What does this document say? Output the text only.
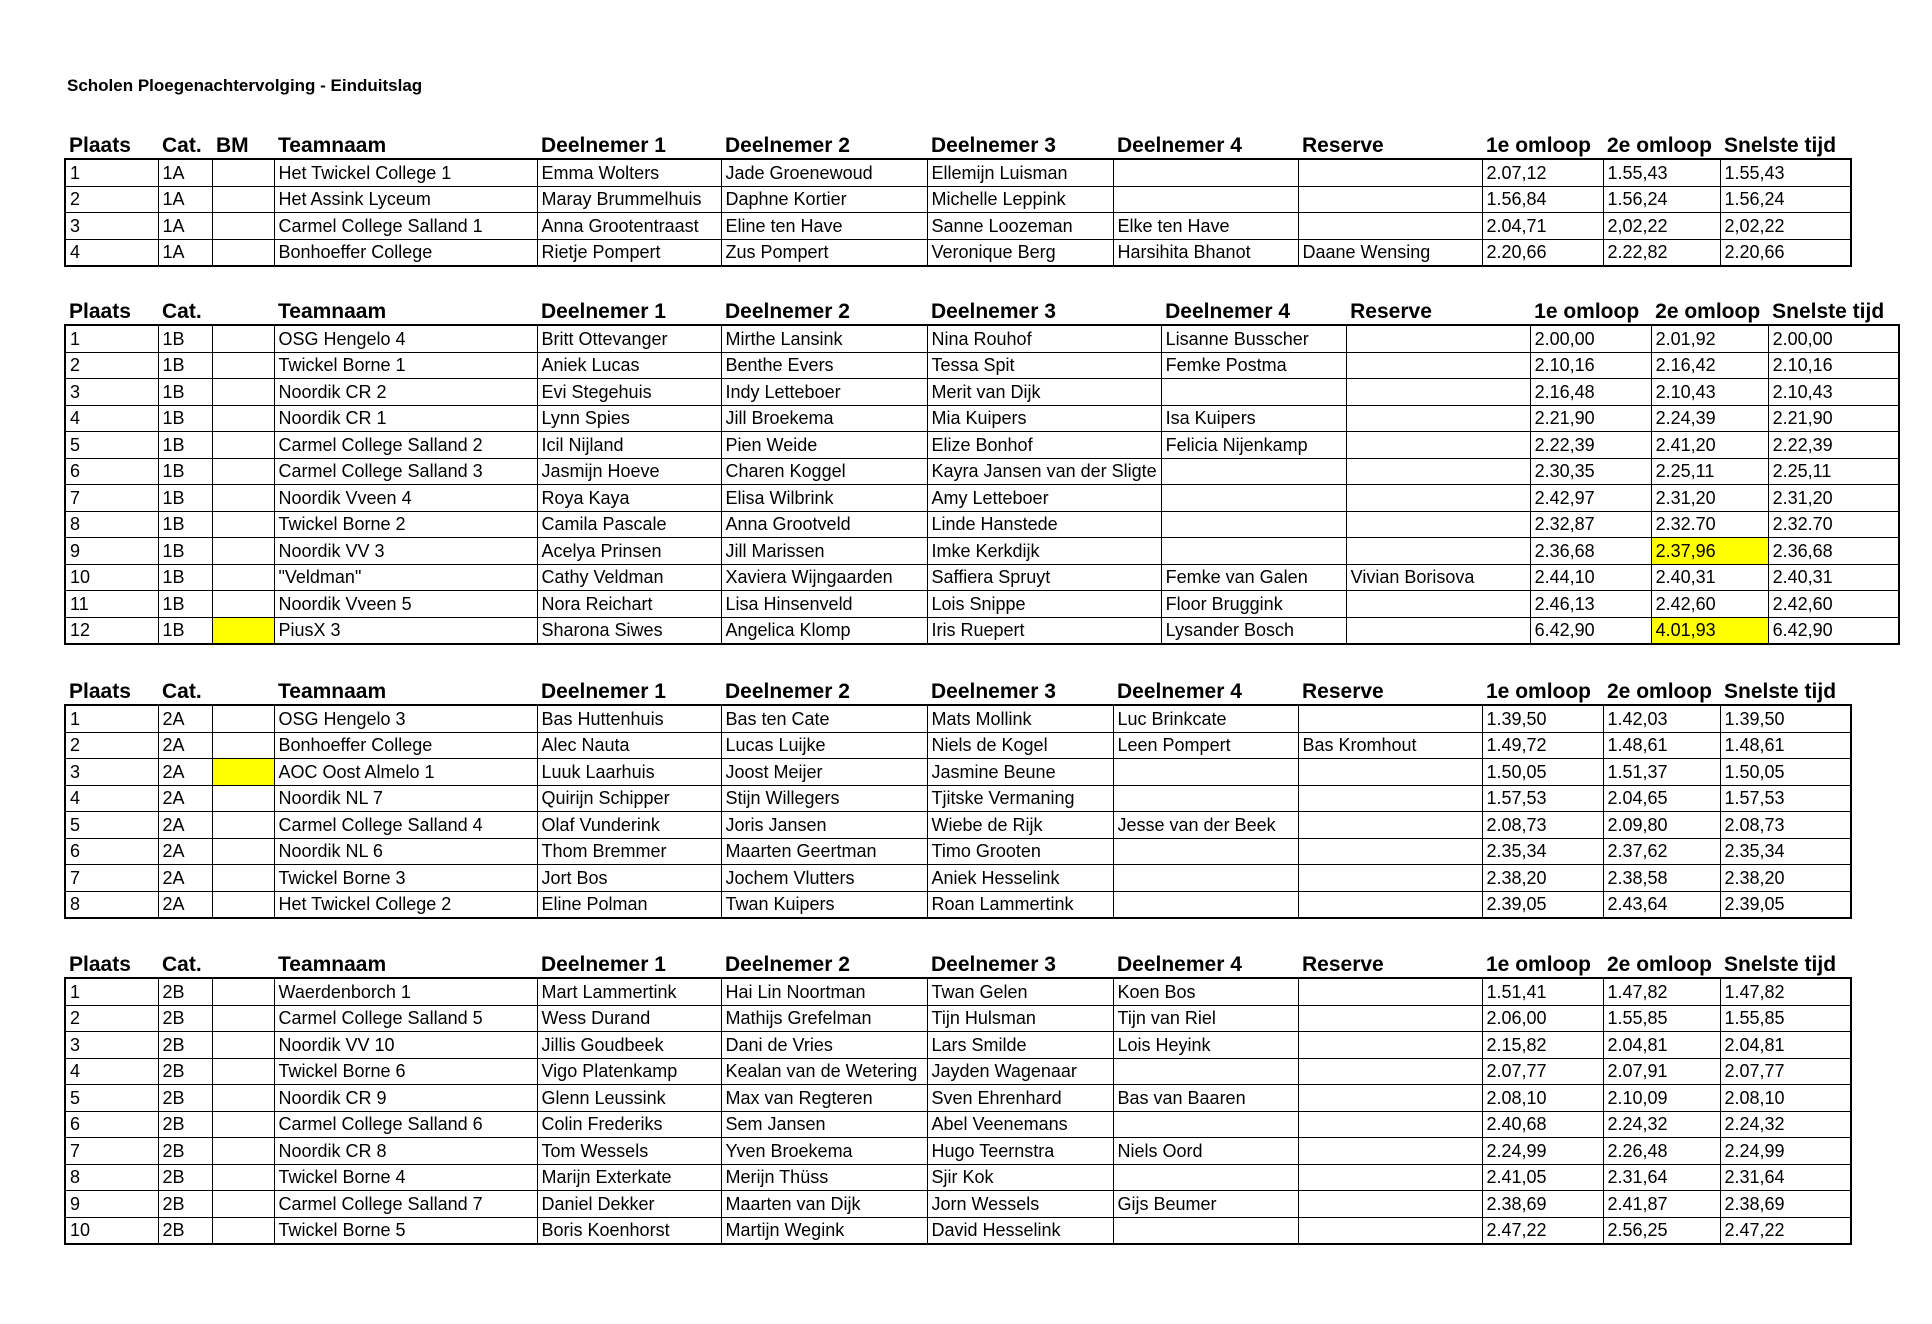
Scholen Ploegenachtervolging - Einduitslag
Plaats	Cat.	BM	Teamnaam	Deelnemer 1	Deelnemer 2	Deelnemer 3	Deelnemer 4	Reserve	1e omloop	2e omloop	Snelste tijd
1	1A		Het Twickel College 1	Emma Wolters	Jade Groenewoud	Ellemijn Luisman			2.07,12	1.55,43	1.55,43
2	1A		Het Assink Lyceum	Maray Brummelhuis	Daphne Kortier	Michelle Leppink			1.56,84	1.56,24	1.56,24
3	1A		Carmel College Salland 1	Anna Grootentraast	Eline ten Have	Sanne Loozeman	Elke ten Have		2.04,71	2,02,22	2,02,22
4	1A		Bonhoeffer College	Rietje Pompert	Zus Pompert	Veronique Berg	Harsihita Bhanot	Daane Wensing	2.20,66	2.22,82	2.20,66
Plaats	Cat.		Teamnaam	Deelnemer 1	Deelnemer 2	Deelnemer 3	Deelnemer 4	Reserve	1e omloop	2e omloop	Snelste tijd
1	1B		OSG Hengelo 4	Britt Ottevanger	Mirthe Lansink	Nina Rouhof	Lisanne Busscher		2.00,00	2.01,92	2.00,00
2	1B		Twickel Borne 1	Aniek Lucas	Benthe Evers	Tessa Spit	Femke Postma		2.10,16	2.16,42	2.10,16
3	1B		Noordik CR 2	Evi Stegehuis	Indy Letteboer	Merit van Dijk			2.16,48	2.10,43	2.10,43
4	1B		Noordik CR 1	Lynn Spies	Jill Broekema	Mia Kuipers	Isa Kuipers		2.21,90	2.24,39	2.21,90
5	1B		Carmel College Salland 2	Icil Nijland	Pien Weide	Elize Bonhof	Felicia Nijenkamp		2.22,39	2.41,20	2.22,39
6	1B		Carmel College Salland 3	Jasmijn Hoeve	Charen Koggel	Kayra Jansen van der Sligte			2.30,35	2.25,11	2.25,11
7	1B		Noordik Vveen 4	Roya Kaya	Elisa Wilbrink	Amy Letteboer			2.42,97	2.31,20	2.31,20
8	1B		Twickel Borne 2	Camila Pascale	Anna Grootveld	Linde Hanstede			2.32,87	2.32.70	2.32.70
9	1B		Noordik VV 3	Acelya Prinsen	Jill Marissen	Imke Kerkdijk			2.36,68	2.37,96	2.36,68
10	1B		"Veldman"	Cathy Veldman	Xaviera Wijngaarden	Saffiera Spruyt	Femke van Galen	Vivian Borisova	2.44,10	2.40,31	2.40,31
11	1B		Noordik Vveen 5	Nora Reichart	Lisa Hinsenveld	Lois Snippe	Floor Bruggink		2.46,13	2.42,60	2.42,60
12	1B		PiusX 3	Sharona Siwes	Angelica Klomp	Iris Ruepert	Lysander Bosch		6.42,90	4.01,93	6.42,90
Plaats	Cat.		Teamnaam	Deelnemer 1	Deelnemer 2	Deelnemer 3	Deelnemer 4	Reserve	1e omloop	2e omloop	Snelste tijd
1	2A		OSG Hengelo 3	Bas Huttenhuis	Bas ten Cate	Mats Mollink	Luc Brinkcate		1.39,50	1.42,03	1.39,50
2	2A		Bonhoeffer College	Alec Nauta	Lucas Luijke	Niels de Kogel	Leen Pompert	Bas Kromhout	1.49,72	1.48,61	1.48,61
3	2A		AOC Oost Almelo 1	Luuk Laarhuis	Joost Meijer	Jasmine Beune			1.50,05	1.51,37	1.50,05
4	2A		Noordik NL 7	Quirijn Schipper	Stijn Willegers	Tjitske Vermaning			1.57,53	2.04,65	1.57,53
5	2A		Carmel College Salland 4	Olaf Vunderink	Joris Jansen	Wiebe de Rijk	Jesse van der Beek		2.08,73	2.09,80	2.08,73
6	2A		Noordik NL 6	Thom Bremmer	Maarten Geertman	Timo Grooten			2.35,34	2.37,62	2.35,34
7	2A		Twickel Borne 3	Jort Bos	Jochem Vlutters	Aniek Hesselink			2.38,20	2.38,58	2.38,20
8	2A		Het Twickel College 2	Eline Polman	Twan Kuipers	Roan Lammertink			2.39,05	2.43,64	2.39,05
Plaats	Cat.		Teamnaam	Deelnemer 1	Deelnemer 2	Deelnemer 3	Deelnemer 4	Reserve	1e omloop	2e omloop	Snelste tijd
1	2B		Waerdenborch 1	Mart Lammertink	Hai Lin Noortman	Twan Gelen	Koen Bos		1.51,41	1.47,82	1.47,82
2	2B		Carmel College Salland 5	Wess Durand	Mathijs Grefelman	Tijn Hulsman	Tijn van Riel		2.06,00	1.55,85	1.55,85
3	2B		Noordik VV 10	Jillis Goudbeek	Dani de Vries	Lars Smilde	Lois Heyink		2.15,82	2.04,81	2.04,81
4	2B		Twickel Borne 6	Vigo Platenkamp	Kealan van de Wetering	Jayden Wagenaar			2.07,77	2.07,91	2.07,77
5	2B		Noordik CR 9	Glenn Leussink	Max van Regteren	Sven Ehrenhard	Bas van Baaren		2.08,10	2.10,09	2.08,10
6	2B		Carmel College Salland 6	Colin Frederiks	Sem Jansen	Abel Veenemans			2.40,68	2.24,32	2.24,32
7	2B		Noordik CR 8	Tom Wessels	Yven Broekema	Hugo Teernstra	Niels Oord		2.24,99	2.26,48	2.24,99
8	2B		Twickel Borne 4	Marijn Exterkate	Merijn Thüss	Sjir Kok			2.41,05	2.31,64	2.31,64
9	2B		Carmel College Salland 7	Daniel Dekker	Maarten van Dijk	Jorn Wessels	Gijs Beumer		2.38,69	2.41,87	2.38,69
10	2B		Twickel Borne 5	Boris Koenhorst	Martijn Wegink	David Hesselink			2.47,22	2.56,25	2.47,22
